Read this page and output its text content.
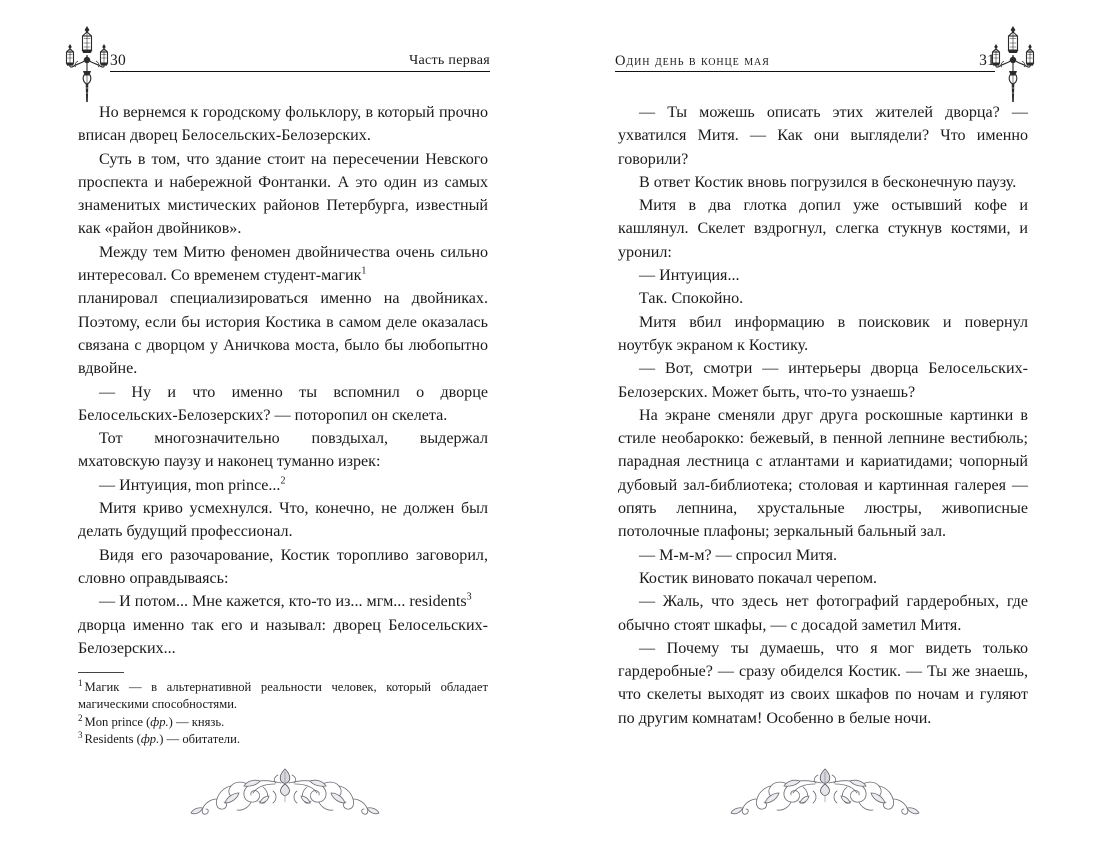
30	Часть первая

Но вернемся к городскому фольклору, в который прочно вписан дворец Белосельских-Белозерских.

Суть в том, что здание стоит на пересечении Невского проспекта и набережной Фонтанки. А это один из самых знаменитых мистических районов Петербурга, известный как «район двойников».

Между тем Митю феномен двойничества очень сильно интересовал. Со временем студент-магик$^1$

планировал специализироваться именно на двойниках. Поэтому, если бы история Костика в самом деле оказалась связана с дворцом у Аничкова моста, было бы любопытно вдвойне.

— Ну и что именно ты вспомнил о дворце Белосельских-Белозерских? — поторопил он скелета.

Тот многозначительно повздыхал, выдержал мхатовскую паузу и наконец туманно изрек:

— Интуиция, mon prince...$^2$

Митя криво усмехнулся. Что, конечно, не должен был делать будущий профессионал.

Видя его разочарование, Костик торопливо заговорил, словно оправдываясь:

— И потом... Мне кажется, кто-то из... мгм... residents$^3$

дворца именно так его и называл: дворец Белосельских-Белозерских...

$^1$ Магик — в альтернативной реальности человек, который обладает магическими способностями.

$^2$ Mon prince (фр.) — князь.

$^3$ Residents (фр.) — обитатели.

Один день в конце мая	31

— Ты можешь описать этих жителей дворца? — ухватился Митя. — Как они выглядели? Что именно говорили?

В ответ Костик вновь погрузился в бесконечную паузу.

Митя в два глотка допил уже остывший кофе и кашлянул. Скелет вздрогнул, слегка стукнув костями, и уронил:

— Интуиция...

Так. Спокойно.

Митя вбил информацию в поисковик и повернул ноутбук экраном к Костику.

— Вот, смотри — интерьеры дворца Белосельских-Белозерских. Может быть, что-то узнаешь?

На экране сменяли друг друга роскошные картинки в стиле необарокко: бежевый, в пенной лепнине вестибюль; парадная лестница с атлантами и кариатидами; чопорный дубовый зал-библиотека; столовая и картинная галерея — опять лепнина, хрустальные люстры, живописные потолочные плафоны; зеркальный бальный зал.

— М-м-м? — спросил Митя.

Костик виновато покачал черепом.

— Жаль, что здесь нет фотографий гардеробных, где обычно стоят шкафы, — с досадой заметил Митя.

— Почему ты думаешь, что я мог видеть только гардеробные? — сразу обиделся Костик. — Ты же знаешь, что скелеты выходят из своих шкафов по ночам и гуляют по другим комнатам! Особенно в белые ночи.
